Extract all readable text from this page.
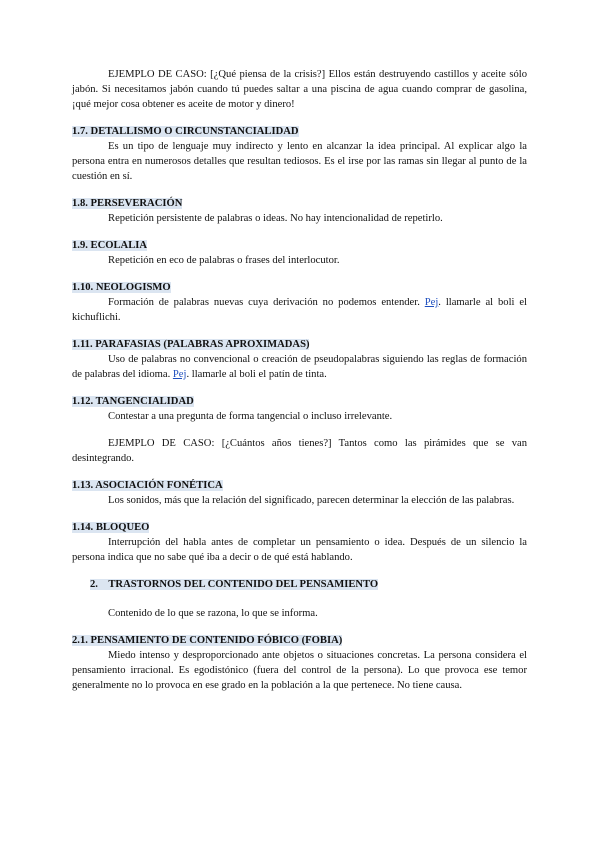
EJEMPLO DE CASO: [¿Qué piensa de la crisis?] Ellos están destruyendo castillos y aceite sólo jabón. Si necesitamos jabón cuando tú puedes saltar a una piscina de agua cuando comprar de gasolina, ¡qué mejor cosa obtener es aceite de motor y dinero!

1.7. DETALLISMO O CIRCUNSTANCIALIDAD

Es un tipo de lenguaje muy indirecto y lento en alcanzar la idea principal. Al explicar algo la persona entra en numerosos detalles que resultan tediosos. Es el irse por las ramas sin llegar al punto de la cuestión en sí.

1.8. PERSEVERACIÓN

Repetición persistente de palabras o ideas. No hay intencionalidad de repetirlo.

1.9. ECOLALIA

Repetición en eco de palabras o frases del interlocutor.

1.10. NEOLOGISMO

Formación de palabras nuevas cuya derivación no podemos entender. Pej. llamarle al boli el kichuflichi.

1.11. PARAFASIAS (PALABRAS APROXIMADAS)

Uso de palabras no convencional o creación de pseudopalabras siguiendo las reglas de formación de palabras del idioma. Pej. llamarle al boli el patín de tinta.

1.12. TANGENCIALIDAD

Contestar a una pregunta de forma tangencial o incluso irrelevante.

EJEMPLO DE CASO: [¿Cuántos años tienes?] Tantos como las pirámides que se van desintegrando.

1.13. ASOCIACIÓN FONÉTICA

Los sonidos, más que la relación del significado, parecen determinar la elección de las palabras.

1.14. BLOQUEO

Interrupción del habla antes de completar un pensamiento o idea. Después de un silencio la persona indica que no sabe qué iba a decir o de qué está hablando.

2.    TRASTORNOS DEL CONTENIDO DEL PENSAMIENTO

Contenido de lo que se razona, lo que se informa.

2.1. PENSAMIENTO DE CONTENIDO FÓBICO (FOBIA)

Miedo intenso y desproporcionado ante objetos o situaciones concretas. La persona considera el pensamiento irracional. Es egodistónico (fuera del control de la persona). Lo que provoca ese temor generalmente no lo provoca en ese grado en la población a la que pertenece. No tiene causa.
